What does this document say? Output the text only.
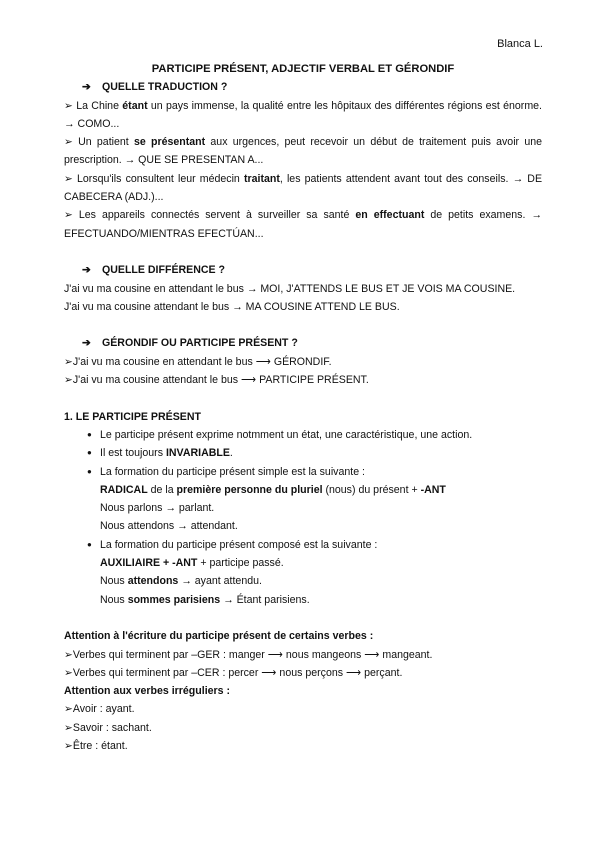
Blanca L.

PARTICIPE PRÉSENT, ADJECTIF VERBAL ET GÉRONDIF

➔ QUELLE TRADUCTION ?
➢ La Chine étant un pays immense, la qualité entre les hôpitaux des différentes régions est énorme. → COMO...
➢ Un patient se présentant aux urgences, peut recevoir un début de traitement puis avoir une prescription. → QUE SE PRESENTAN A...
➢ Lorsqu'ils consultent leur médecin traitant, les patients attendent avant tout des conseils. → DE CABECERA (ADJ.)...
➢ Les appareils connectés servent à surveiller sa santé en effectuant de petits examens. → EFECTUANDO/MIENTRAS EFECTÚAN...
➔ QUELLE DIFFÉRENCE ?
J'ai vu ma cousine en attendant le bus → MOI, J'ATTENDS LE BUS ET JE VOIS MA COUSINE.
J'ai vu ma cousine attendant le bus → MA COUSINE ATTEND LE BUS.
➔ GÉRONDIF OU PARTICIPE PRÉSENT ?
➢J'ai vu ma cousine en attendant le bus ⟶ GÉRONDIF.
➢J'ai vu ma cousine attendant le bus ⟶ PARTICIPE PRÉSENT.
1. LE PARTICIPE PRÉSENT
● Le participe présent exprime notmment un état, une caractéristique, une action.
● Il est toujours INVARIABLE.
● La formation du participe présent simple est la suivante :
RADICAL de la première personne du pluriel (nous) du présent + -ANT
Nous parlons → parlant.
Nous attendons → attendant.
● La formation du participe présent composé est la suivante :
AUXILIAIRE + -ANT + participe passé.
Nous attendons → ayant attendu.
Nous sommes parisiens → Étant parisiens.
Attention à l'écriture du participe présent de certains verbes :
➢Verbes qui terminent par –GER : manger ⟶ nous mangeons ⟶ mangeant.
➢Verbes qui terminent par –CER : percer ⟶ nous perçons ⟶ perçant.
Attention aux verbes irréguliers :
➢Avoir : ayant.
➢Savoir : sachant.
➢Être : étant.
